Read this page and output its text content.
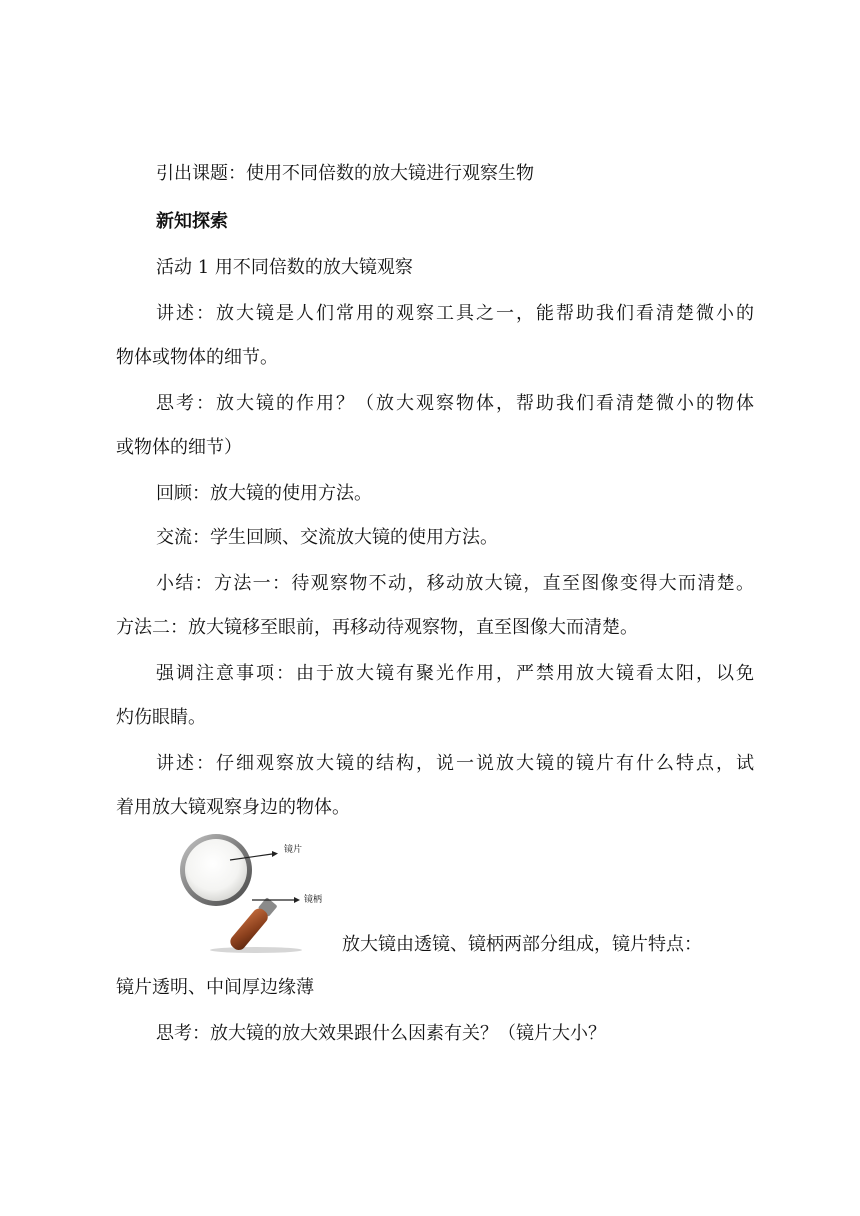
引出课题：使用不同倍数的放大镜进行观察生物
新知探索
活动 1 用不同倍数的放大镜观察
讲述：放大镜是人们常用的观察工具之一，能帮助我们看清楚微小的
物体或物体的细节。
思考：放大镜的作用？（放大观察物体，帮助我们看清楚微小的物体
或物体的细节）
回顾：放大镜的使用方法。
交流：学生回顾、交流放大镜的使用方法。
小结：方法一：待观察物不动，移动放大镜，直至图像变得大而清楚。
方法二：放大镜移至眼前，再移动待观察物，直至图像大而清楚。
强调注意事项：由于放大镜有聚光作用，严禁用放大镜看太阳，以免
灼伤眼睛。
讲述：仔细观察放大镜的结构，说一说放大镜的镜片有什么特点，试
着用放大镜观察身边的物体。
镜片
镜柄
放大镜由透镜、镜柄两部分组成，镜片特点：
镜片透明、中间厚边缘薄
思考：放大镜的放大效果跟什么因素有关？（镜片大小？
